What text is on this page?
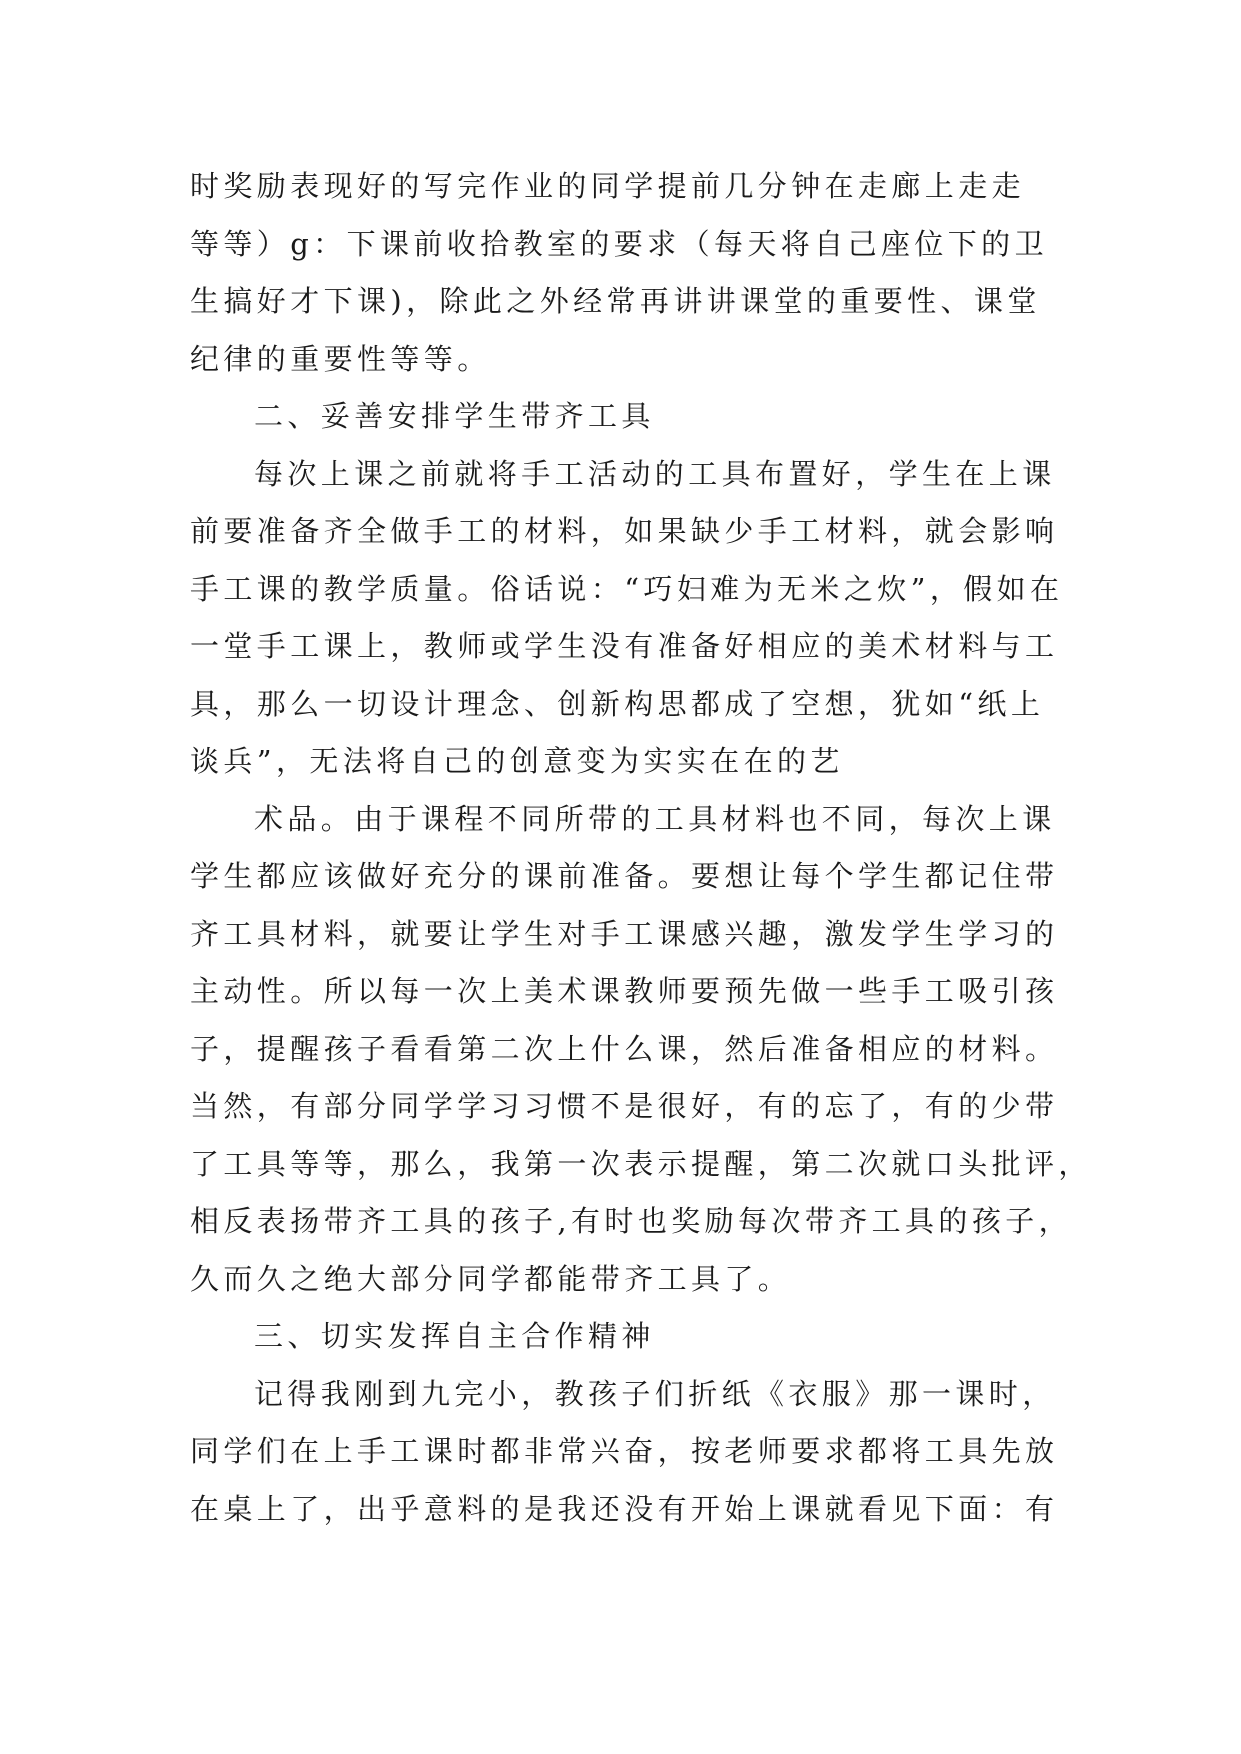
时奖励表现好的写完作业的同学提前几分钟在走廊上走走
等等）g：下课前收拾教室的要求（每天将自己座位下的卫
生搞好才下课)，除此之外经常再讲讲课堂的重要性、课堂
纪律的重要性等等。
二、妥善安排学生带齐工具
每次上课之前就将手工活动的工具布置好，学生在上课
前要准备齐全做手工的材料，如果缺少手工材料，就会影响
手工课的教学质量。俗话说：“巧妇难为无米之炊”，假如在
一堂手工课上，教师或学生没有准备好相应的美术材料与工
具，那么一切设计理念、创新构思都成了空想，犹如“纸上
谈兵”，无法将自己的创意变为实实在在的艺
术品。由于课程不同所带的工具材料也不同，每次上课
学生都应该做好充分的课前准备。要想让每个学生都记住带
齐工具材料，就要让学生对手工课感兴趣，激发学生学习的
主动性。所以每一次上美术课教师要预先做一些手工吸引孩
子，提醒孩子看看第二次上什么课，然后准备相应的材料。
当然，有部分同学学习习惯不是很好，有的忘了，有的少带
了工具等等，那么，我第一次表示提醒，第二次就口头批评，
相反表扬带齐工具的孩子,有时也奖励每次带齐工具的孩子，
久而久之绝大部分同学都能带齐工具了。
三、切实发挥自主合作精神
记得我刚到九完小，教孩子们折纸《衣服》那一课时，
同学们在上手工课时都非常兴奋，按老师要求都将工具先放
在桌上了，出乎意料的是我还没有开始上课就看见下面：有
